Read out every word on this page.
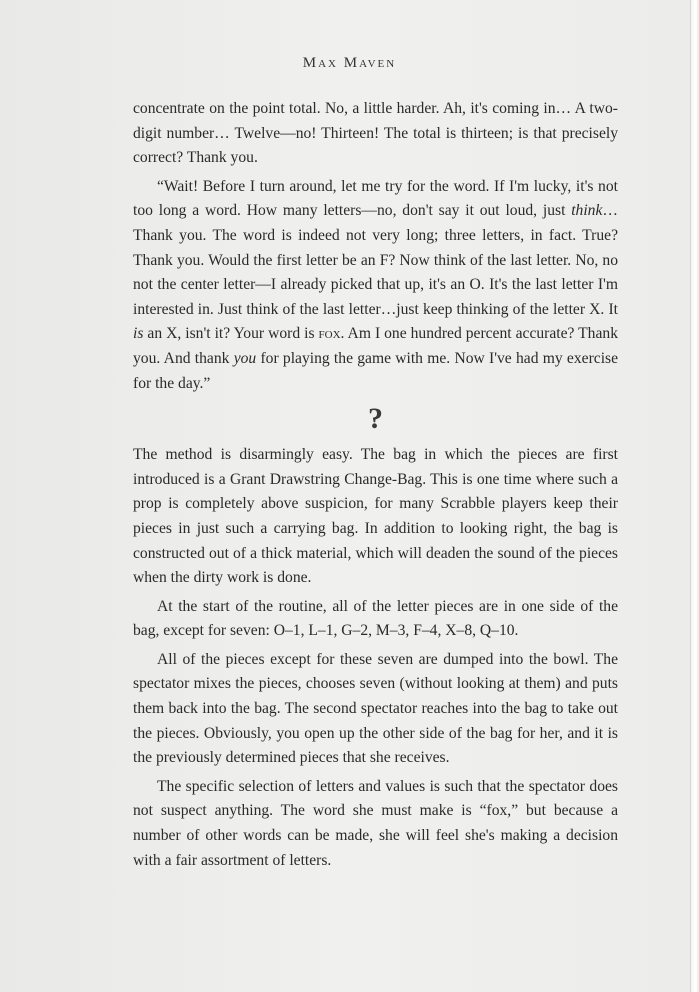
Max Maven

concentrate on the point total. No, a little harder. Ah, it's coming in… A two-digit number… Twelve—no! Thirteen! The total is thirteen; is that precisely correct? Thank you.

“Wait! Before I turn around, let me try for the word. If I'm lucky, it's not too long a word. How many letters—no, don't say it out loud, just think… Thank you. The word is indeed not very long; three letters, in fact. True? Thank you. Would the first letter be an F? Now think of the last letter. No, no not the center letter—I already picked that up, it's an O. It's the last letter I'm interested in. Just think of the last letter…just keep thinking of the letter X. It is an X, isn't it? Your word is fox. Am I one hundred percent accurate? Thank you. And thank you for playing the game with me. Now I've had my exercise for the day.”

?

The method is disarmingly easy. The bag in which the pieces are first introduced is a Grant Drawstring Change-Bag. This is one time where such a prop is completely above suspicion, for many Scrabble players keep their pieces in just such a carrying bag. In addition to looking right, the bag is constructed out of a thick material, which will deaden the sound of the pieces when the dirty work is done.

At the start of the routine, all of the letter pieces are in one side of the bag, except for seven: O–1, L–1, G–2, M–3, F–4, X–8, Q–10.

All of the pieces except for these seven are dumped into the bowl. The spectator mixes the pieces, chooses seven (without looking at them) and puts them back into the bag. The second spectator reaches into the bag to take out the pieces. Obviously, you open up the other side of the bag for her, and it is the previously determined pieces that she receives.

The specific selection of letters and values is such that the spectator does not suspect anything. The word she must make is “fox,” but because a number of other words can be made, she will feel she's making a decision with a fair assortment of letters.
